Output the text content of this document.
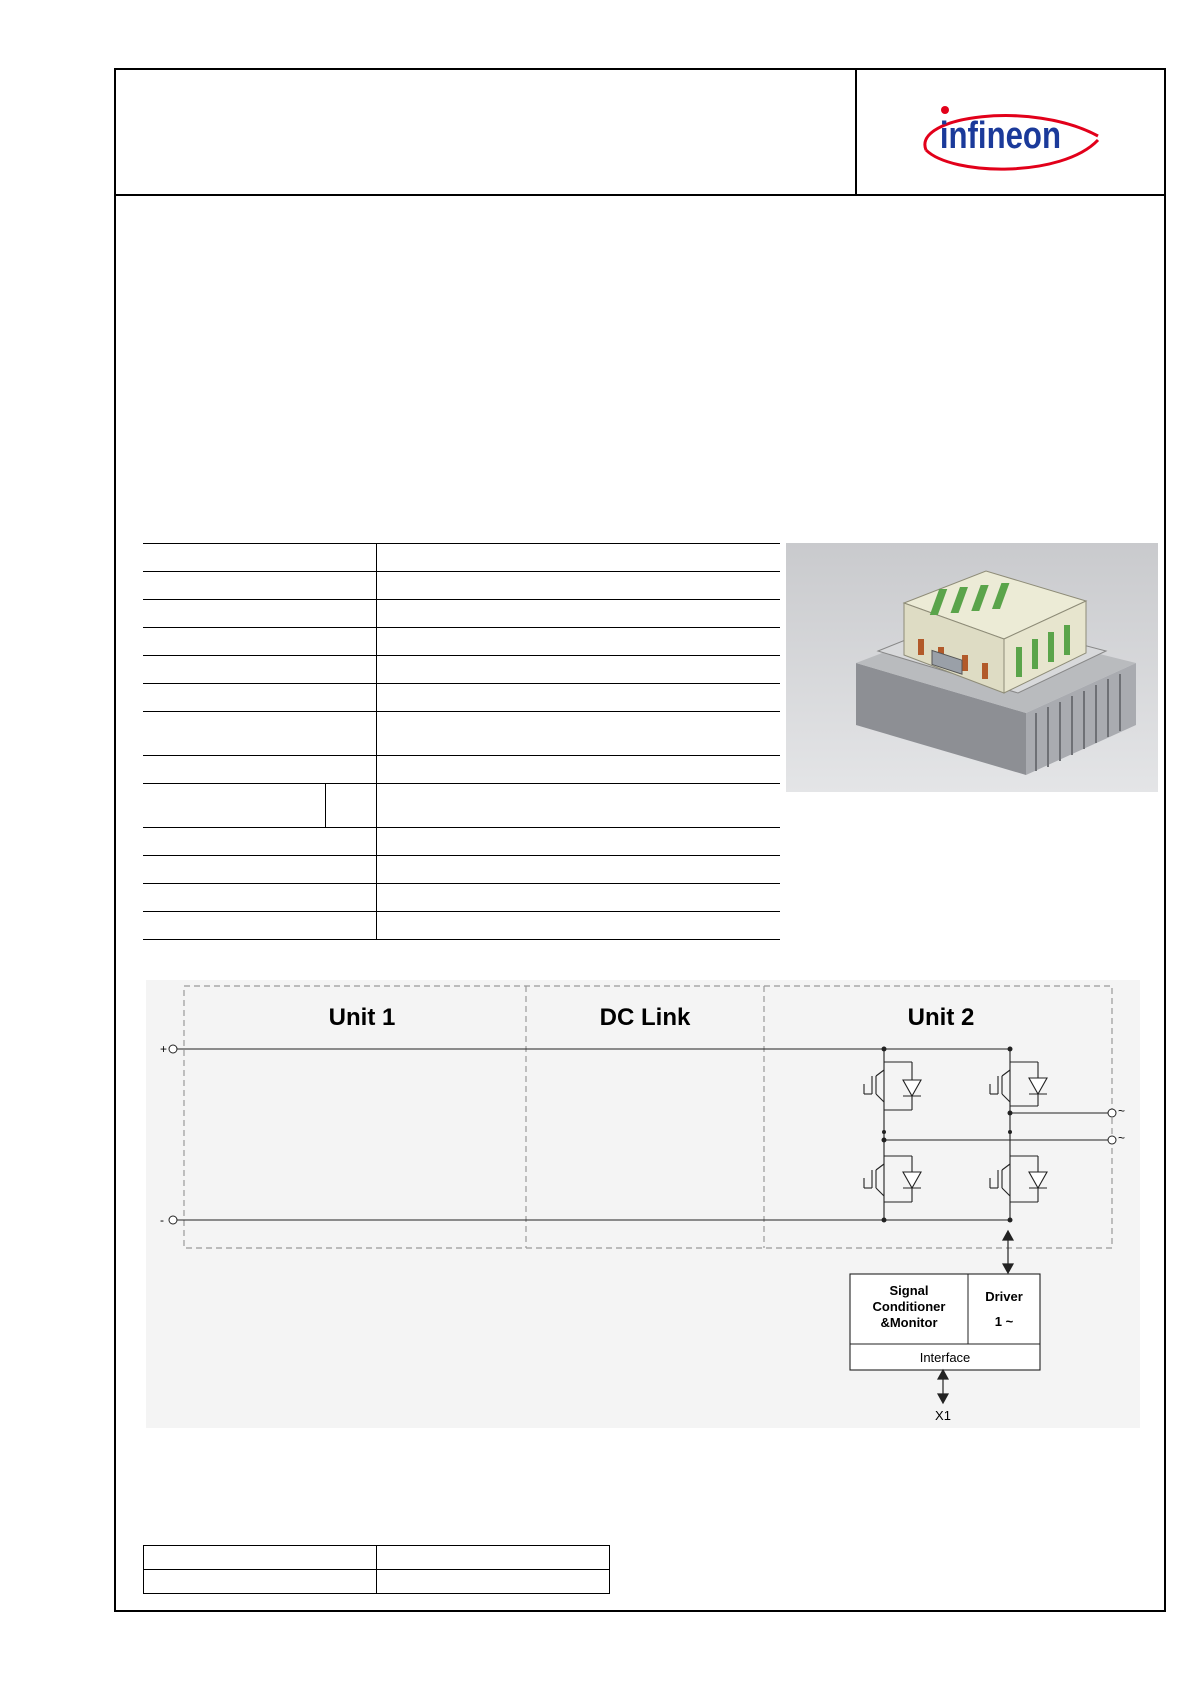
infineon

Unit 1	DC Link	Unit 2
+
-
~
~
Signal
Conditioner
&Monitor
Driver
1 ~
Interface
X1
